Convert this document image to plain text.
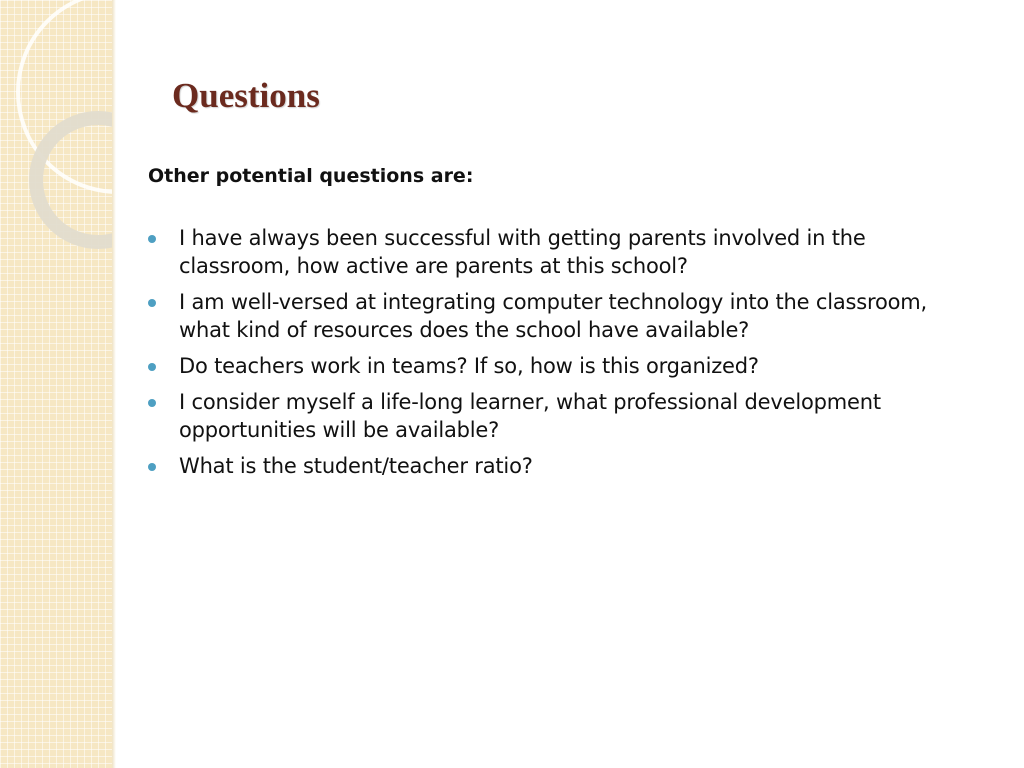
Questions

Other potential questions are:

I have always been successful with getting parents involved in the classroom, how active are parents at this school?
I am well-versed at integrating computer technology into the classroom, what kind of resources does the school have available?
Do teachers work in teams? If so, how is this organized?
I consider myself a life-long learner, what professional development opportunities will be available?
What is the student/teacher ratio?
